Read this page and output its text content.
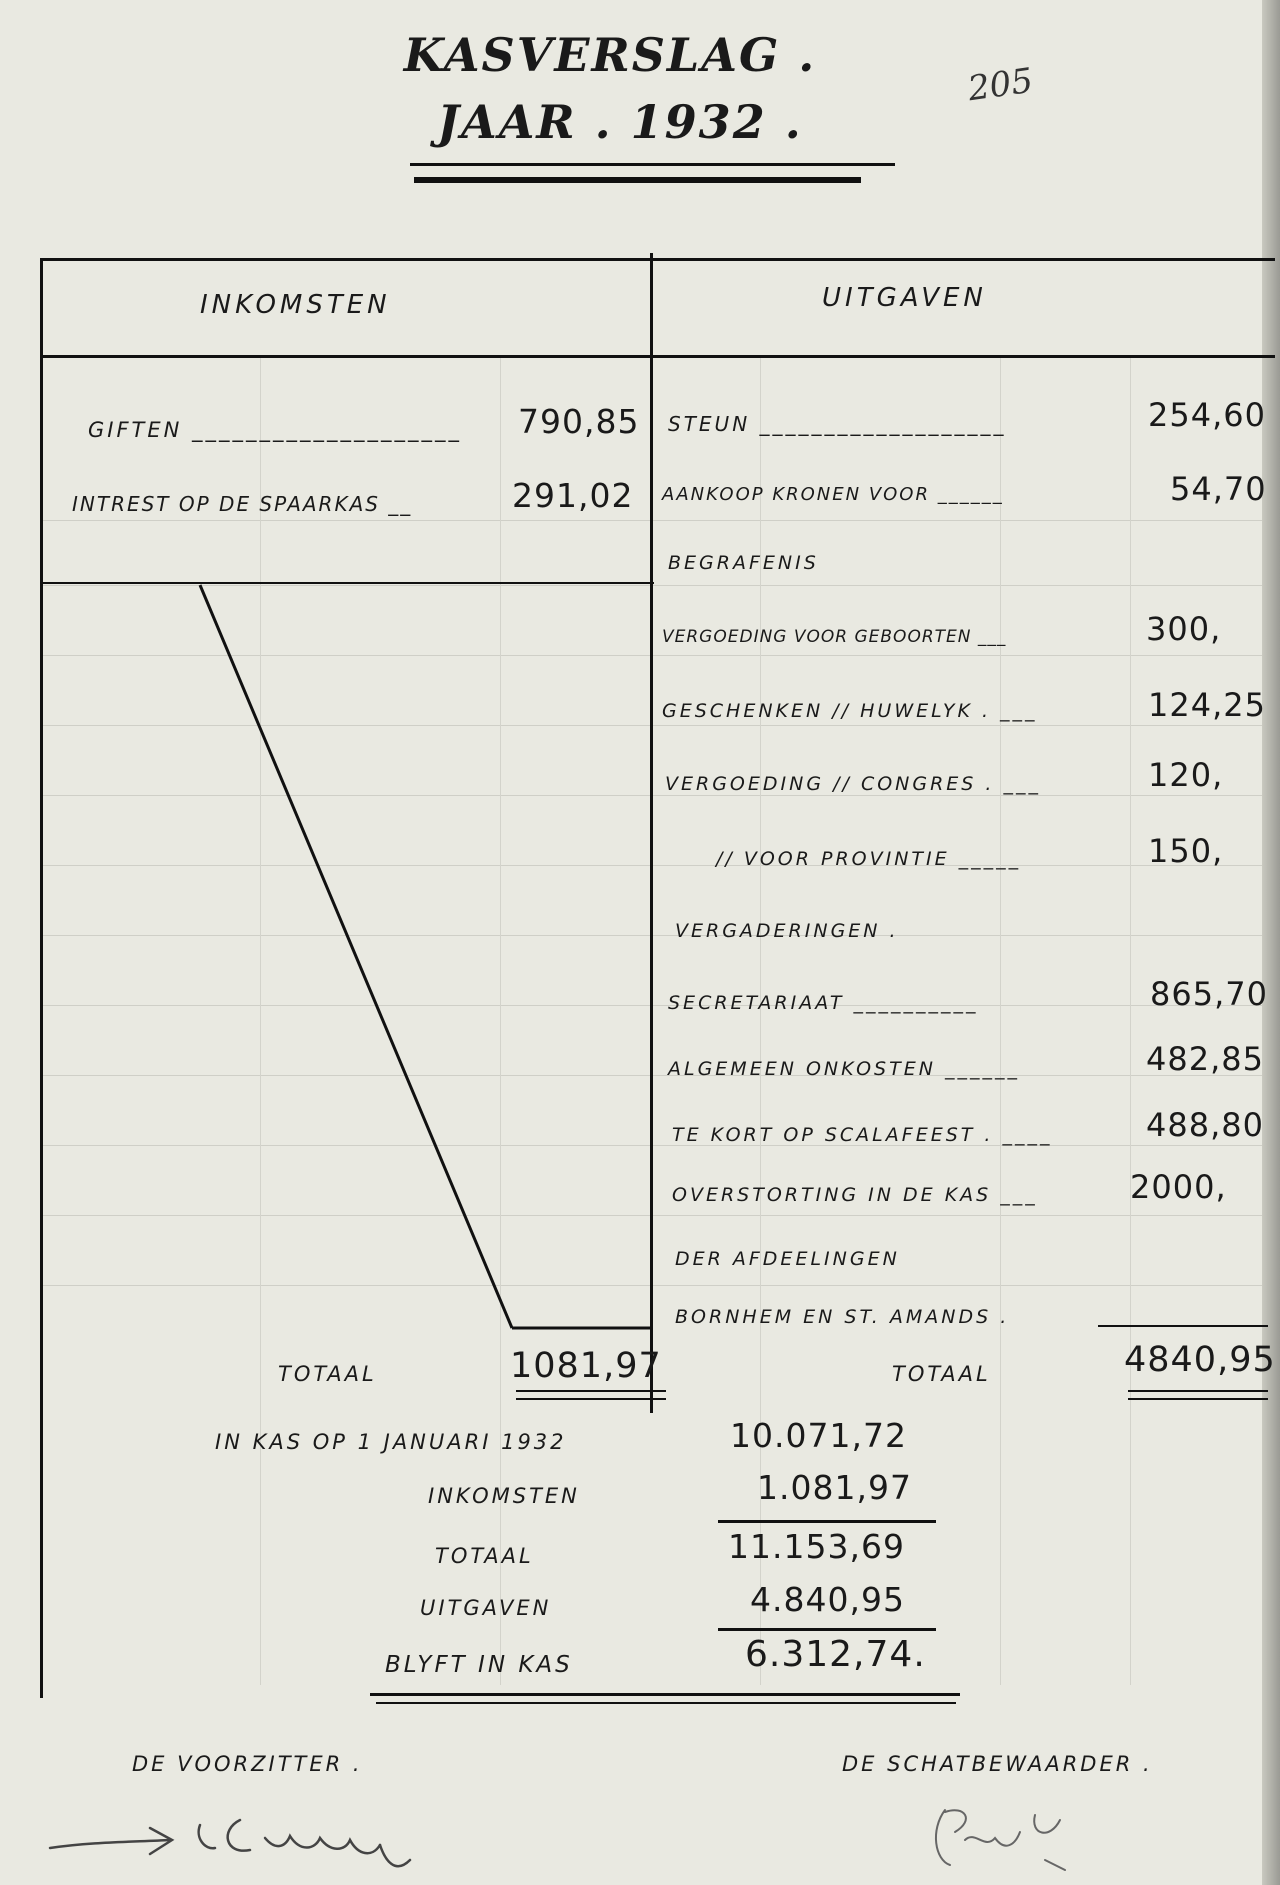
KASVERSLAG .
JAAR . 1932 .
205
INKOMSTEN	UITGAVEN
GIFTEN ____________________ 790,85
INTREST OP DE SPAARKAS __	291,02
STEUN ___________________	254,60
AANKOOP KRONEN VOOR ______	54,70
BEGRAFENIS
VERGOEDING VOOR GEBOORTEN ___	300,
GESCHENKEN // HUWELYK . ___	124,25
VERGOEDING // CONGRES . ___	120,
// VOOR PROVINTIE _____	150,
VERGADERINGEN .
SECRETARIAAT __________	865,70
ALGEMEEN ONKOSTEN ______	482,85
TE KORT OP SCALAFEEST . ____	488,80
OVERSTORTING IN DE KAS ___	2000,
DER AFDEELINGEN
BORNHEM EN ST. AMANDS .
TOTAAL	1081,97	TOTAAL	4840,95
IN KAS OP 1 JANUARI 1932	10.071,72
INKOMSTEN	1.081,97
TOTAAL	11.153,69
UITGAVEN	4.840,95
BLYFT IN KAS	6.312,74.
DE VOORZITTER .	DE SCHATBEWAARDER .
